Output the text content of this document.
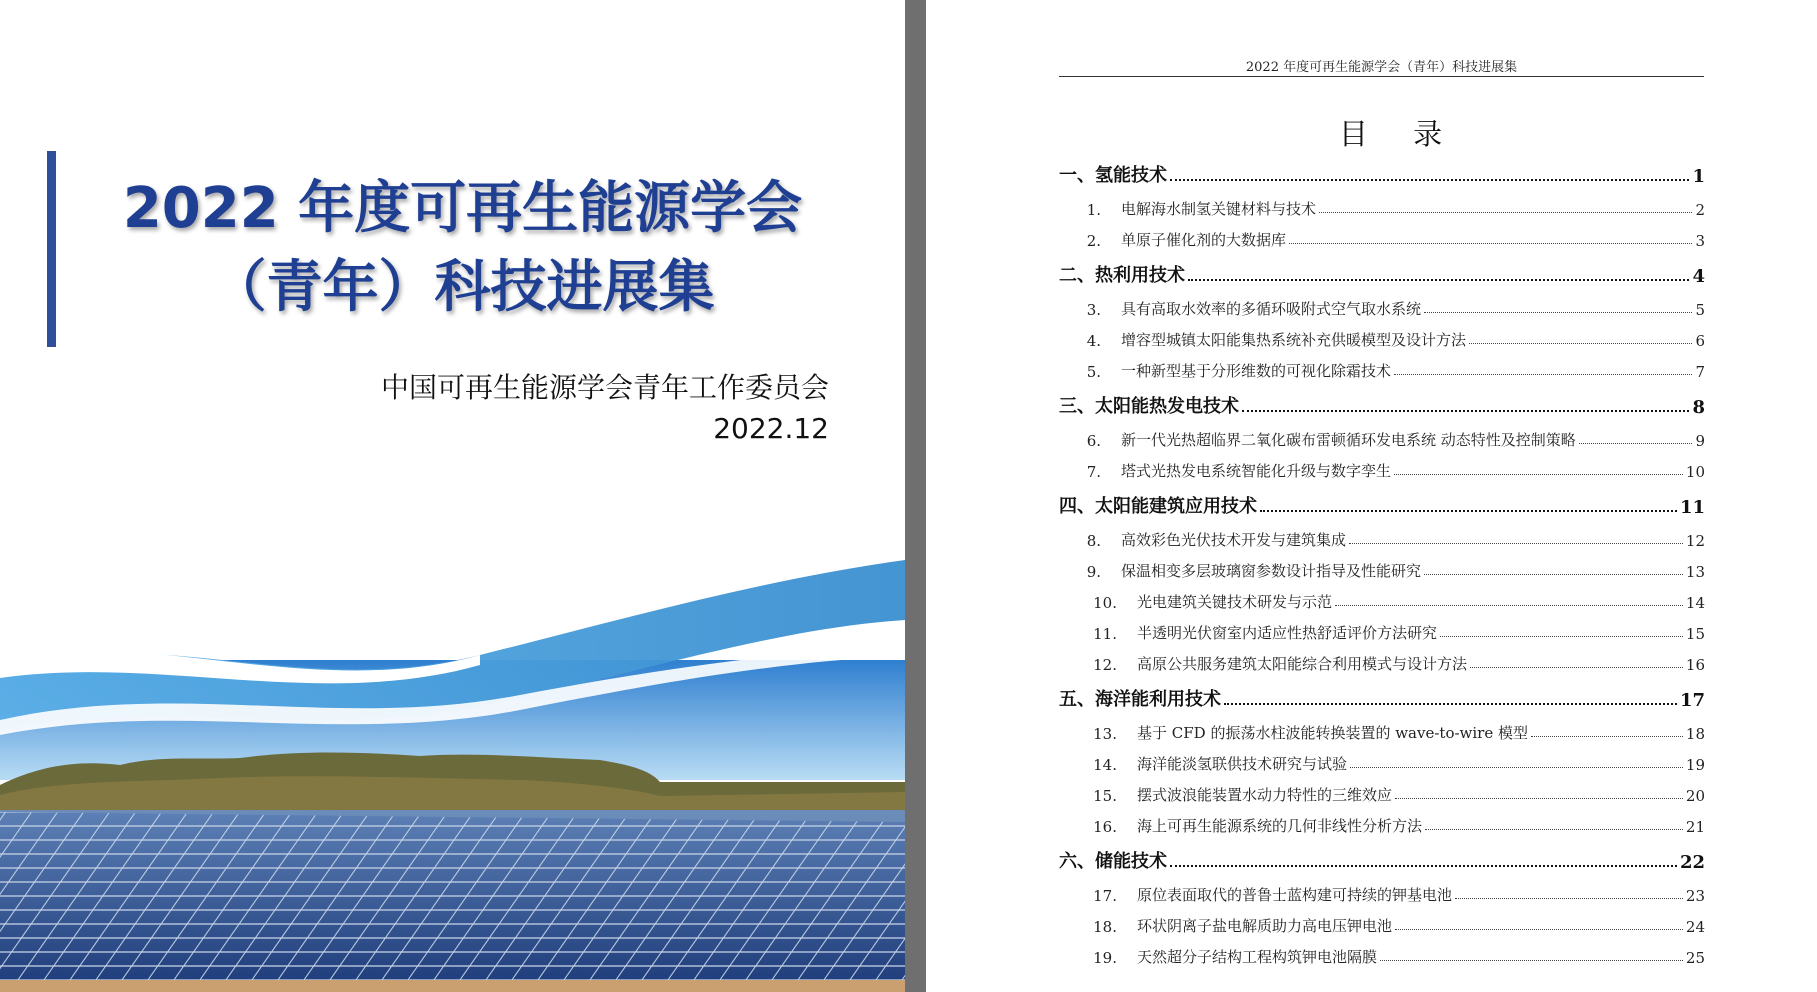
2022 年度可再生能源学会
（青年）科技进展集
中国可再生能源学会青年工作委员会
2022.12
2022 年度可再生能源学会（青年）科技进展集
目 录
一、氢能技术	1
1.	电解海水制氢关键材料与技术	2
2.	单原子催化剂的大数据库	3
二、热利用技术	4
3.	具有高取水效率的多循环吸附式空气取水系统	5
4.	增容型城镇太阳能集热系统补充供暖模型及设计方法	6
5.	一种新型基于分形维数的可视化除霜技术	7
三、太阳能热发电技术	8
6.	新一代光热超临界二氧化碳布雷顿循环发电系统 动态特性及控制策略	9
7.	塔式光热发电系统智能化升级与数字孪生	10
四、太阳能建筑应用技术	11
8.	高效彩色光伏技术开发与建筑集成	12
9.	保温相变多层玻璃窗参数设计指导及性能研究	13
10.	光电建筑关键技术研发与示范	14
11.	半透明光伏窗室内适应性热舒适评价方法研究	15
12.	高原公共服务建筑太阳能综合利用模式与设计方法	16
五、海洋能利用技术	17
13.	基于 CFD 的振荡水柱波能转换装置的 wave-to-wire 模型	18
14.	海洋能淡氢联供技术研究与试验	19
15.	摆式波浪能装置水动力特性的三维效应	20
16.	海上可再生能源系统的几何非线性分析方法	21
六、储能技术	22
17.	原位表面取代的普鲁士蓝构建可持续的钾基电池	23
18.	环状阴离子盐电解质助力高电压钾电池	24
19.	天然超分子结构工程构筑钾电池隔膜	25
